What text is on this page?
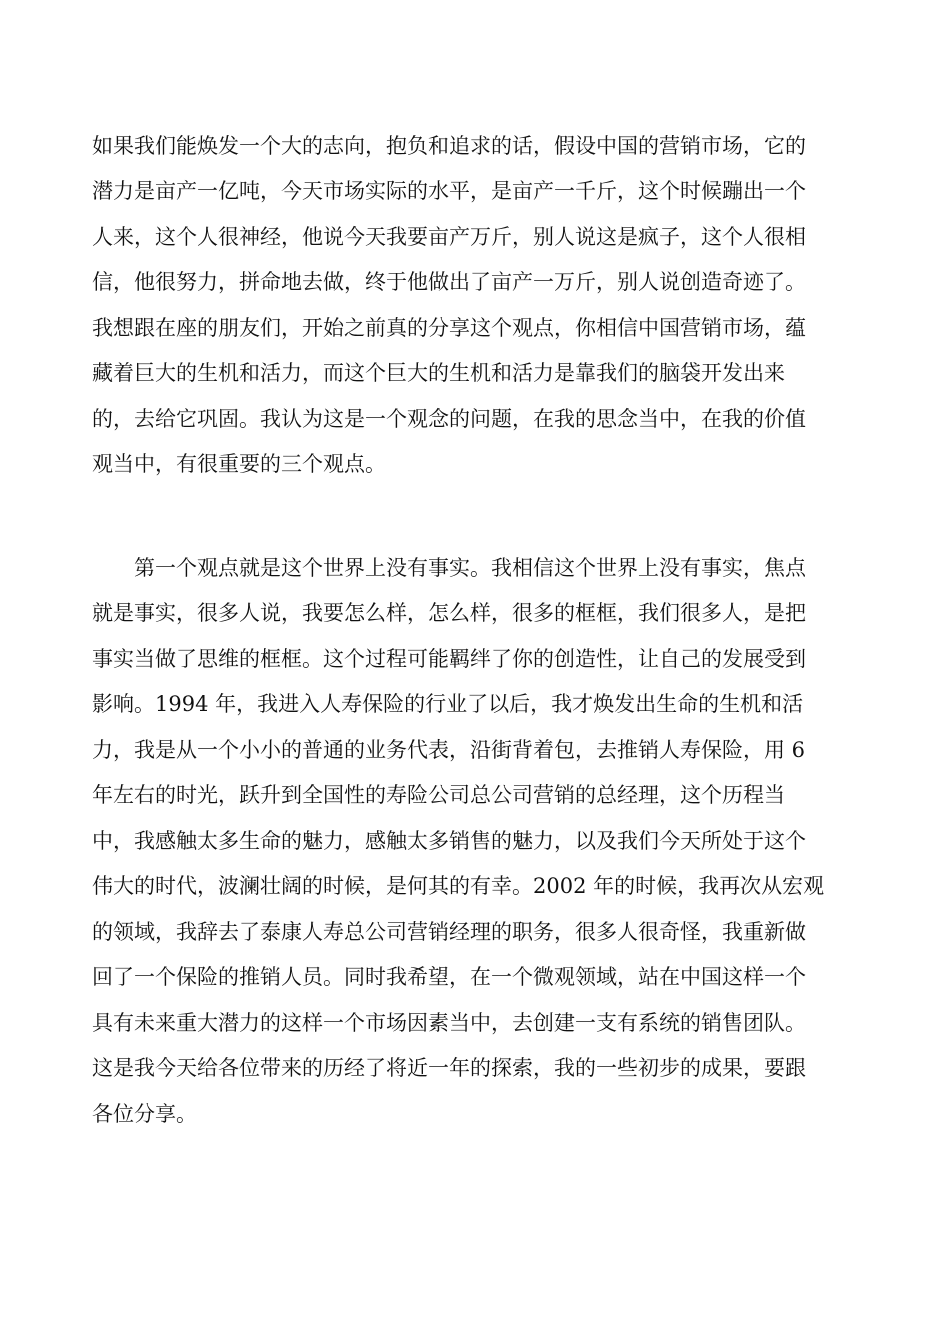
如果我们能焕发一个大的志向，抱负和追求的话，假设中国的营销市场，它的
潜力是亩产一亿吨，今天市场实际的水平，是亩产一千斤，这个时候蹦出一个
人来，这个人很神经，他说今天我要亩产万斤，别人说这是疯子，这个人很相
信，他很努力，拼命地去做，终于他做出了亩产一万斤，别人说创造奇迹了。
我想跟在座的朋友们，开始之前真的分享这个观点，你相信中国营销市场，蕴
藏着巨大的生机和活力，而这个巨大的生机和活力是靠我们的脑袋开发出来
的，去给它巩固。我认为这是一个观念的问题，在我的思念当中，在我的价值
观当中，有很重要的三个观点。
第一个观点就是这个世界上没有事实。我相信这个世界上没有事实，焦点
就是事实，很多人说，我要怎么样，怎么样，很多的框框，我们很多人，是把
事实当做了思维的框框。这个过程可能羁绊了你的创造性，让自己的发展受到
影响。1994 年，我进入人寿保险的行业了以后，我才焕发出生命的生机和活
力，我是从一个小小的普通的业务代表，沿街背着包，去推销人寿保险，用 6
年左右的时光，跃升到全国性的寿险公司总公司营销的总经理，这个历程当
中，我感触太多生命的魅力，感触太多销售的魅力，以及我们今天所处于这个
伟大的时代，波澜壮阔的时候，是何其的有幸。2002 年的时候，我再次从宏观
的领域，我辞去了泰康人寿总公司营销经理的职务，很多人很奇怪，我重新做
回了一个保险的推销人员。同时我希望，在一个微观领域，站在中国这样一个
具有未来重大潜力的这样一个市场因素当中，去创建一支有系统的销售团队。
这是我今天给各位带来的历经了将近一年的探索，我的一些初步的成果，要跟
各位分享。
